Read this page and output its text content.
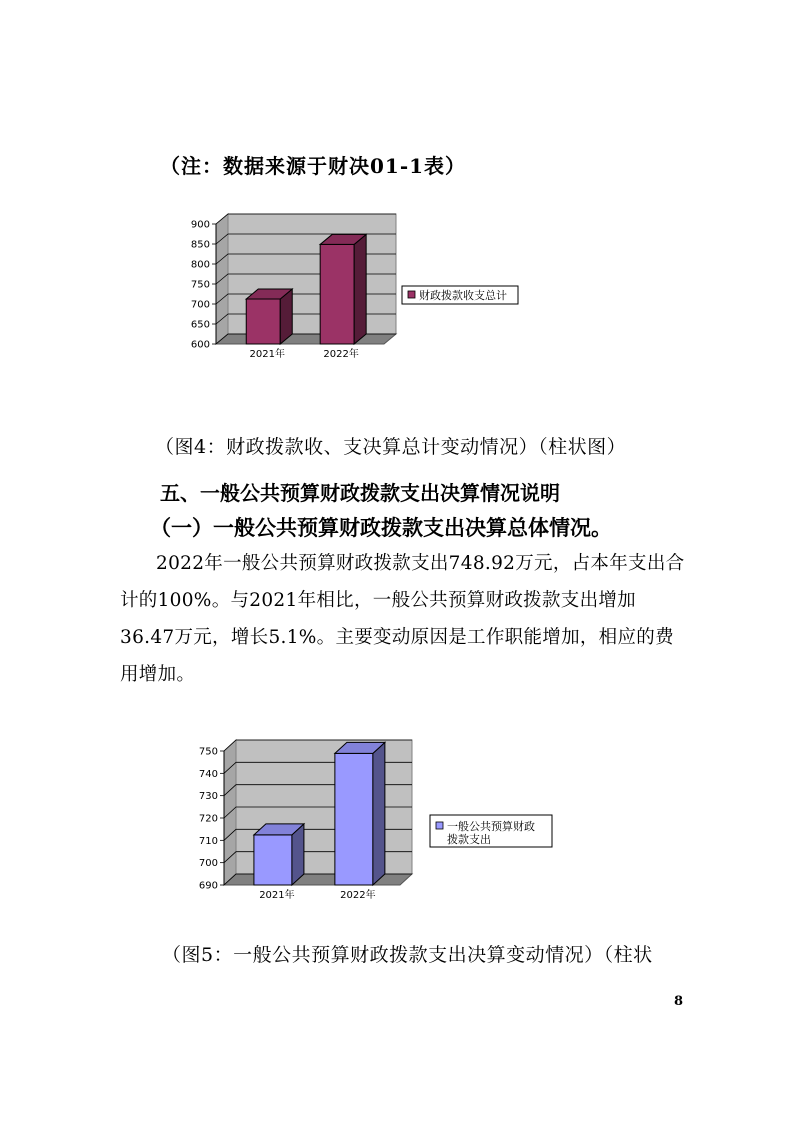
（注：数据来源于财决01-1表）
600
650
700
750
800
850
900
2021年	2022年
财政拨款收支总计
（图4：财政拨款收、支决算总计变动情况）（柱状图）
五、一般公共预算财政拨款支出决算情况说明
（一）一般公共预算财政拨款支出决算总体情况。
2022年一般公共预算财政拨款支出748.92万元，占本年支出合计的100%。与2021年相比，一般公共预算财政拨款支出增加36.47万元，增长5.1%。主要变动原因是工作职能增加，相应的费用增加。
690
700
710
720
730
740
750
2021年	2022年
一般公共预算财政
拨款支出
（图5：一般公共预算财政拨款支出决算变动情况）（柱状
8
